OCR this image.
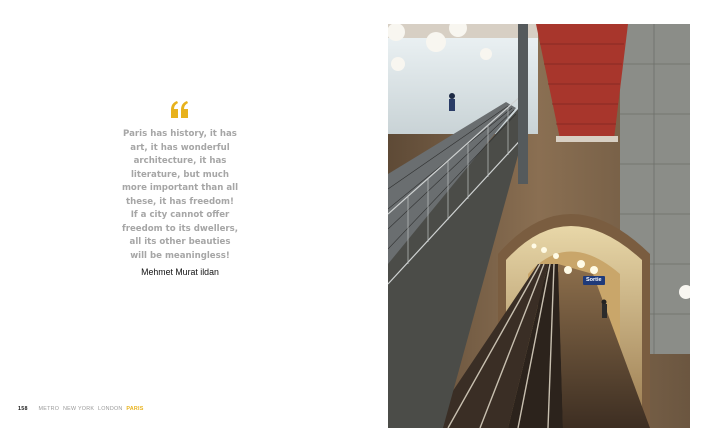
Paris has history, it has
art, it has wonderful
architecture, it has
literature, but much
more important than all
these, it has freedom!
If a city cannot offer
freedom to its dwellers,
all its other beauties
will be meaningless!
Mehmet Murat ildan
158 METRO NEW YORK LONDON PARIS
Sortie
